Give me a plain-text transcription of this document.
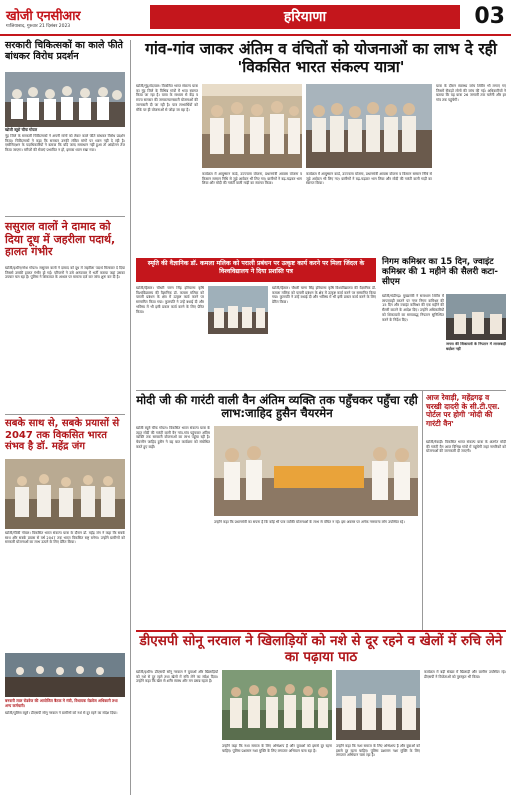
खोजी एनसीआर
गाजियाबाद, गुरुवार 21 दिसंबर 2023
हरियाणा	03
सरकारी चिकित्सकों का काले फीते बांधकर विरोध प्रदर्शन
खोजी ब्यूरो चीफ गोयल
नूंह जिले के सरकारी चिकित्सकों ने अपनी मांगों को लेकर काले फीते बांधकर विरोध प्रदर्शन किया। चिकित्सकों ने कहा कि सरकार उनकी लंबित मांगों पर ध्यान नहीं दे रही है। एसोसिएशन के पदाधिकारियों ने बताया कि यदि जल्द समाधान नहीं हुआ तो आंदोलन तेज किया जाएगा। मरीजों की सेवाएं प्रभावित न हों, इसका ध्यान रखा गया।
ससुराल वालों ने दामाद को दिया दूध में जहरीला पदार्थ, हालत गंभीर
खोजी/हथीन/नरेश गोयल। ससुराल वालों ने दामाद को दूध में जहरीला पदार्थ मिलाकर दे दिया जिससे उसकी हालत गंभीर हो गई। परिजनों ने उसे अस्पताल में भर्ती कराया जहां उसका उपचार चल रहा है। पुलिस ने शिकायत के आधार पर मामला दर्ज कर जांच शुरू कर दी है।
सबके साथ से, सबके प्रयासों से 2047 तक विकसित भारत संभव है डॉ. महेंद्र जंग
खोजी/पिंकी गोयल। विकसित भारत संकल्प यात्रा के दौरान डॉ. महेंद्र जंग ने कहा कि सबके साथ और सबके प्रयास से वर्ष 2047 तक भारत विकसित राष्ट्र बनेगा। उन्होंने ग्रामीणों को सरकारी योजनाओं का लाभ उठाने के लिए प्रेरित किया।
बनवारी लाल रोडवेज की आयोजित बैठक मे मंत्री, विधायक रोडवेज अधिकारी तथा अन्य कर्मचारी।
खोजी/पुलिस ब्यूरो। डीएसपी सोनू नरवाल ने ग्रामीणों को नशे से दूर रहने का संदेश दिया।
गांव-गांव जाकर अंतिम व वंचितों को योजनाओं का लाभ दे रही 'विकसित भारत संकल्प यात्रा'
खोजी/नूंह/वेदपाल। विकसित भारत संकल्प यात्रा का नूंह जिले के विभिन्न गांवों में भव्य स्वागत किया जा रहा है। यात्रा के माध्यम से केंद्र व राज्य सरकार की जनकल्याणकारी योजनाओं की जानकारी दी जा रही है। पात्र लाभार्थियों को मौके पर ही योजनाओं से जोड़ा जा रहा है।
कार्यक्रम में आयुष्मान कार्ड, उज्ज्वला योजना, प्रधानमंत्री आवास योजना व किसान सम्मान निधि से जुड़े आवेदन भी लिए गए। ग्रामीणों ने बढ़-चढ़कर भाग लिया और मोदी की गारंटी वाली गाड़ी का स्वागत किया।
यात्रा के दौरान स्वास्थ्य जांच शिविर भी लगाए गए जिसमें सैकड़ों लोगों की जांच की गई। अधिकारियों ने बताया कि यह यात्रा 26 जनवरी तक चलेगी और हर गांव तक पहुंचेगी।
कार्यक्रम में आयुष्मान कार्ड, उज्ज्वला योजना, प्रधानमंत्री आवास योजना व किसान सम्मान निधि से जुड़े आवेदन भी लिए गए। ग्रामीणों ने बढ़-चढ़कर भाग लिया और मोदी की गारंटी वाली गाड़ी का स्वागत किया।
स्मृति की वैज्ञानिक डॉ. कमला मलिक को पराली प्रबंधन पर उत्कृष्ट कार्य करने पर मिला जिंदल के विश्वविद्यालय ने दिया प्रशस्ति पत्र
खोजी/हिसार। चौधरी चरण सिंह हरियाणा कृषि विश्वविद्यालय की वैज्ञानिक डॉ. कमला मलिक को पराली प्रबंधन के क्षेत्र में उत्कृष्ट कार्य करने पर सम्मानित किया गया। कुलपति ने उन्हें बधाई दी और भविष्य में भी इसी प्रकार कार्य करने के लिए प्रेरित किया।
खोजी/हिसार। चौधरी चरण सिंह हरियाणा कृषि विश्वविद्यालय की वैज्ञानिक डॉ. कमला मलिक को पराली प्रबंधन के क्षेत्र में उत्कृष्ट कार्य करने पर सम्मानित किया गया। कुलपति ने उन्हें बधाई दी और भविष्य में भी इसी प्रकार कार्य करने के लिए प्रेरित किया।
निगम कमिश्नर का 15 दिन, ज्वाइंट कमिश्नर की 1 महीने की सैलरी कटा-सीएम
खोजी/चंडीगढ़। मुख्यमंत्री ने समाधान शिविर में लापरवाही बरतने पर नगर निगम कमिश्नर की 15 दिन और ज्वाइंट कमिश्नर की एक महीने की सैलरी काटने के आदेश दिए। उन्होंने अधिकारियों को शिकायतों का समयबद्ध निपटान सुनिश्चित करने के निर्देश दिए।
जनता की शिकायतों के निपटान में लापरवाही बर्दाश्त नहीं
मोदी जी की गारंटी वाली वैन अंतिम व्यक्ति तक पहुँचकर पहुँचा रही लाभ:जाहिद हुसैन चैयरमेन
खोजी ब्यूरो चीफ गोयल। विकसित भारत संकल्प यात्रा के तहत मोदी की गारंटी वाली वैन गांव-गांव पहुंचकर अंतिम व्यक्ति तक सरकारी योजनाओं का लाभ पहुंचा रही है। चेयरमैन जाहिद हुसैन ने यह बात कार्यक्रम को संबोधित करते हुए कही।
उन्होंने कहा कि प्रधानमंत्री का सपना है कि कोई भी पात्र व्यक्ति योजनाओं के लाभ से वंचित न रहे। इस अवसर पर अनेक गणमान्य लोग उपस्थित रहे।
आज रेवाड़ी, महेंद्रगढ़ व चरखी दादरी के सी.टी.एस. पोर्टल पर होगी 'मोदी की गारंटी वैन'
खोजी/रेवाड़ी। विकसित भारत संकल्प यात्रा के अंतर्गत मोदी की गारंटी वैन आज विभिन्न गांवों में पहुंचेगी जहां नागरिकों को योजनाओं की जानकारी दी जाएगी।
डीएसपी सोनू नरवाल ने खिलाड़ियों को नशे से दूर रहने व खेलों में रुचि लेने का पढ़ाया पाठ
खोजी/हथीन। डीएसपी सोनू नरवाल ने युवाओं और खिलाड़ियों को नशे से दूर रहने तथा खेलों में रुचि लेने का संदेश दिया। उन्होंने कहा कि खेल से शरीर स्वस्थ और मन प्रसन्न रहता है।
उन्होंने कहा कि नशा समाज के लिए अभिशाप है और युवाओं को इससे दूर रहना चाहिए। पुलिस प्रशासन नशा मुक्ति के लिए लगातार अभियान चला रहा है।
उन्होंने कहा कि नशा समाज के लिए अभिशाप है और युवाओं को इससे दूर रहना चाहिए। पुलिस प्रशासन नशा मुक्ति के लिए लगातार अभियान चला रहा है।
कार्यक्रम में बड़ी संख्या में खिलाड़ी और ग्रामीण उपस्थित रहे। डीएसपी ने विजेताओं को पुरस्कृत भी किया।
